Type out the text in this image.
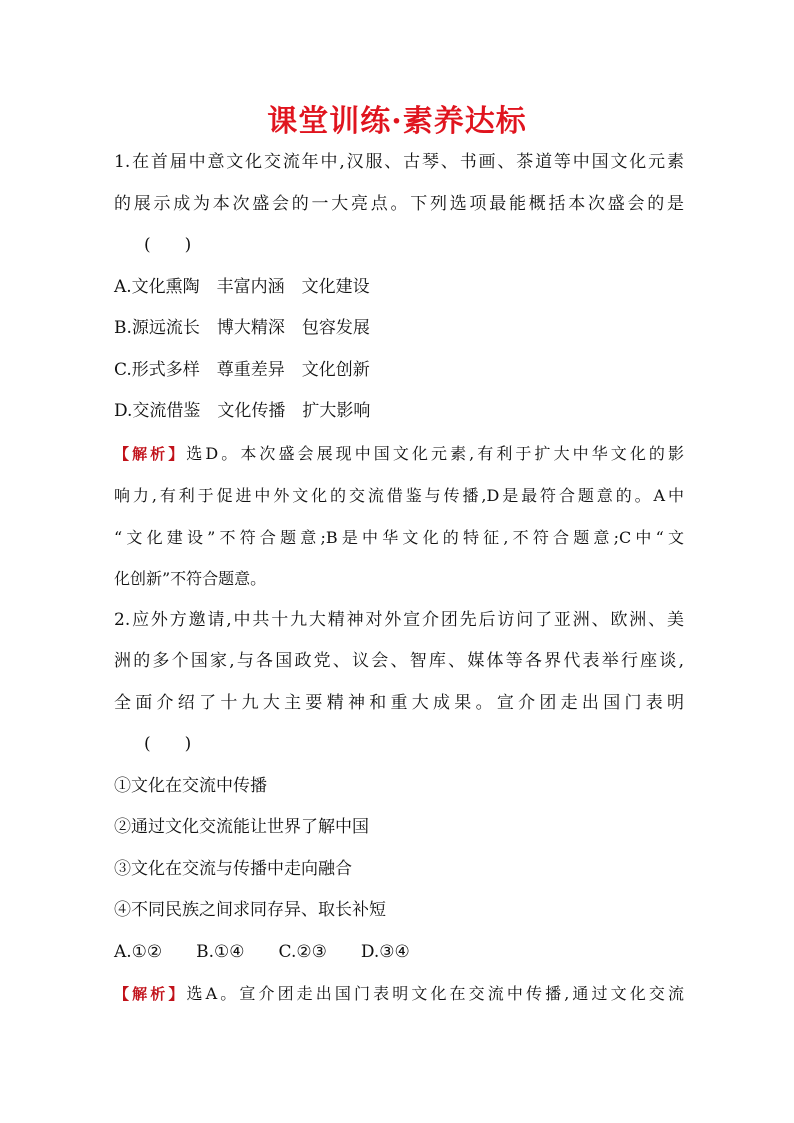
课堂训练·素养达标

1.在首届中意文化交流年中,汉服、古琴、书画、茶道等中国文化元素

的展示成为本次盛会的一大亮点。下列选项最能概括本次盛会的是

(　　)

A.文化熏陶　丰富内涵　文化建设

B.源远流长　博大精深　包容发展

C.形式多样　尊重差异　文化创新

D.交流借鉴　文化传播　扩大影响

【解析】选D。本次盛会展现中国文化元素,有利于扩大中华文化的影

响力,有利于促进中外文化的交流借鉴与传播,D是最符合题意的。A中

“文化建设”不符合题意;B是中华文化的特征,不符合题意;C中“文

化创新”不符合题意。

2.应外方邀请,中共十九大精神对外宣介团先后访问了亚洲、欧洲、美

洲的多个国家,与各国政党、议会、智库、媒体等各界代表举行座谈,

全面介绍了十九大主要精神和重大成果。宣介团走出国门表明

(　　)

①文化在交流中传播

②通过文化交流能让世界了解中国

③文化在交流与传播中走向融合

④不同民族之间求同存异、取长补短

A.①②　　B.①④　　C.②③　　D.③④

【解析】选A。宣介团走出国门表明文化在交流中传播,通过文化交流
